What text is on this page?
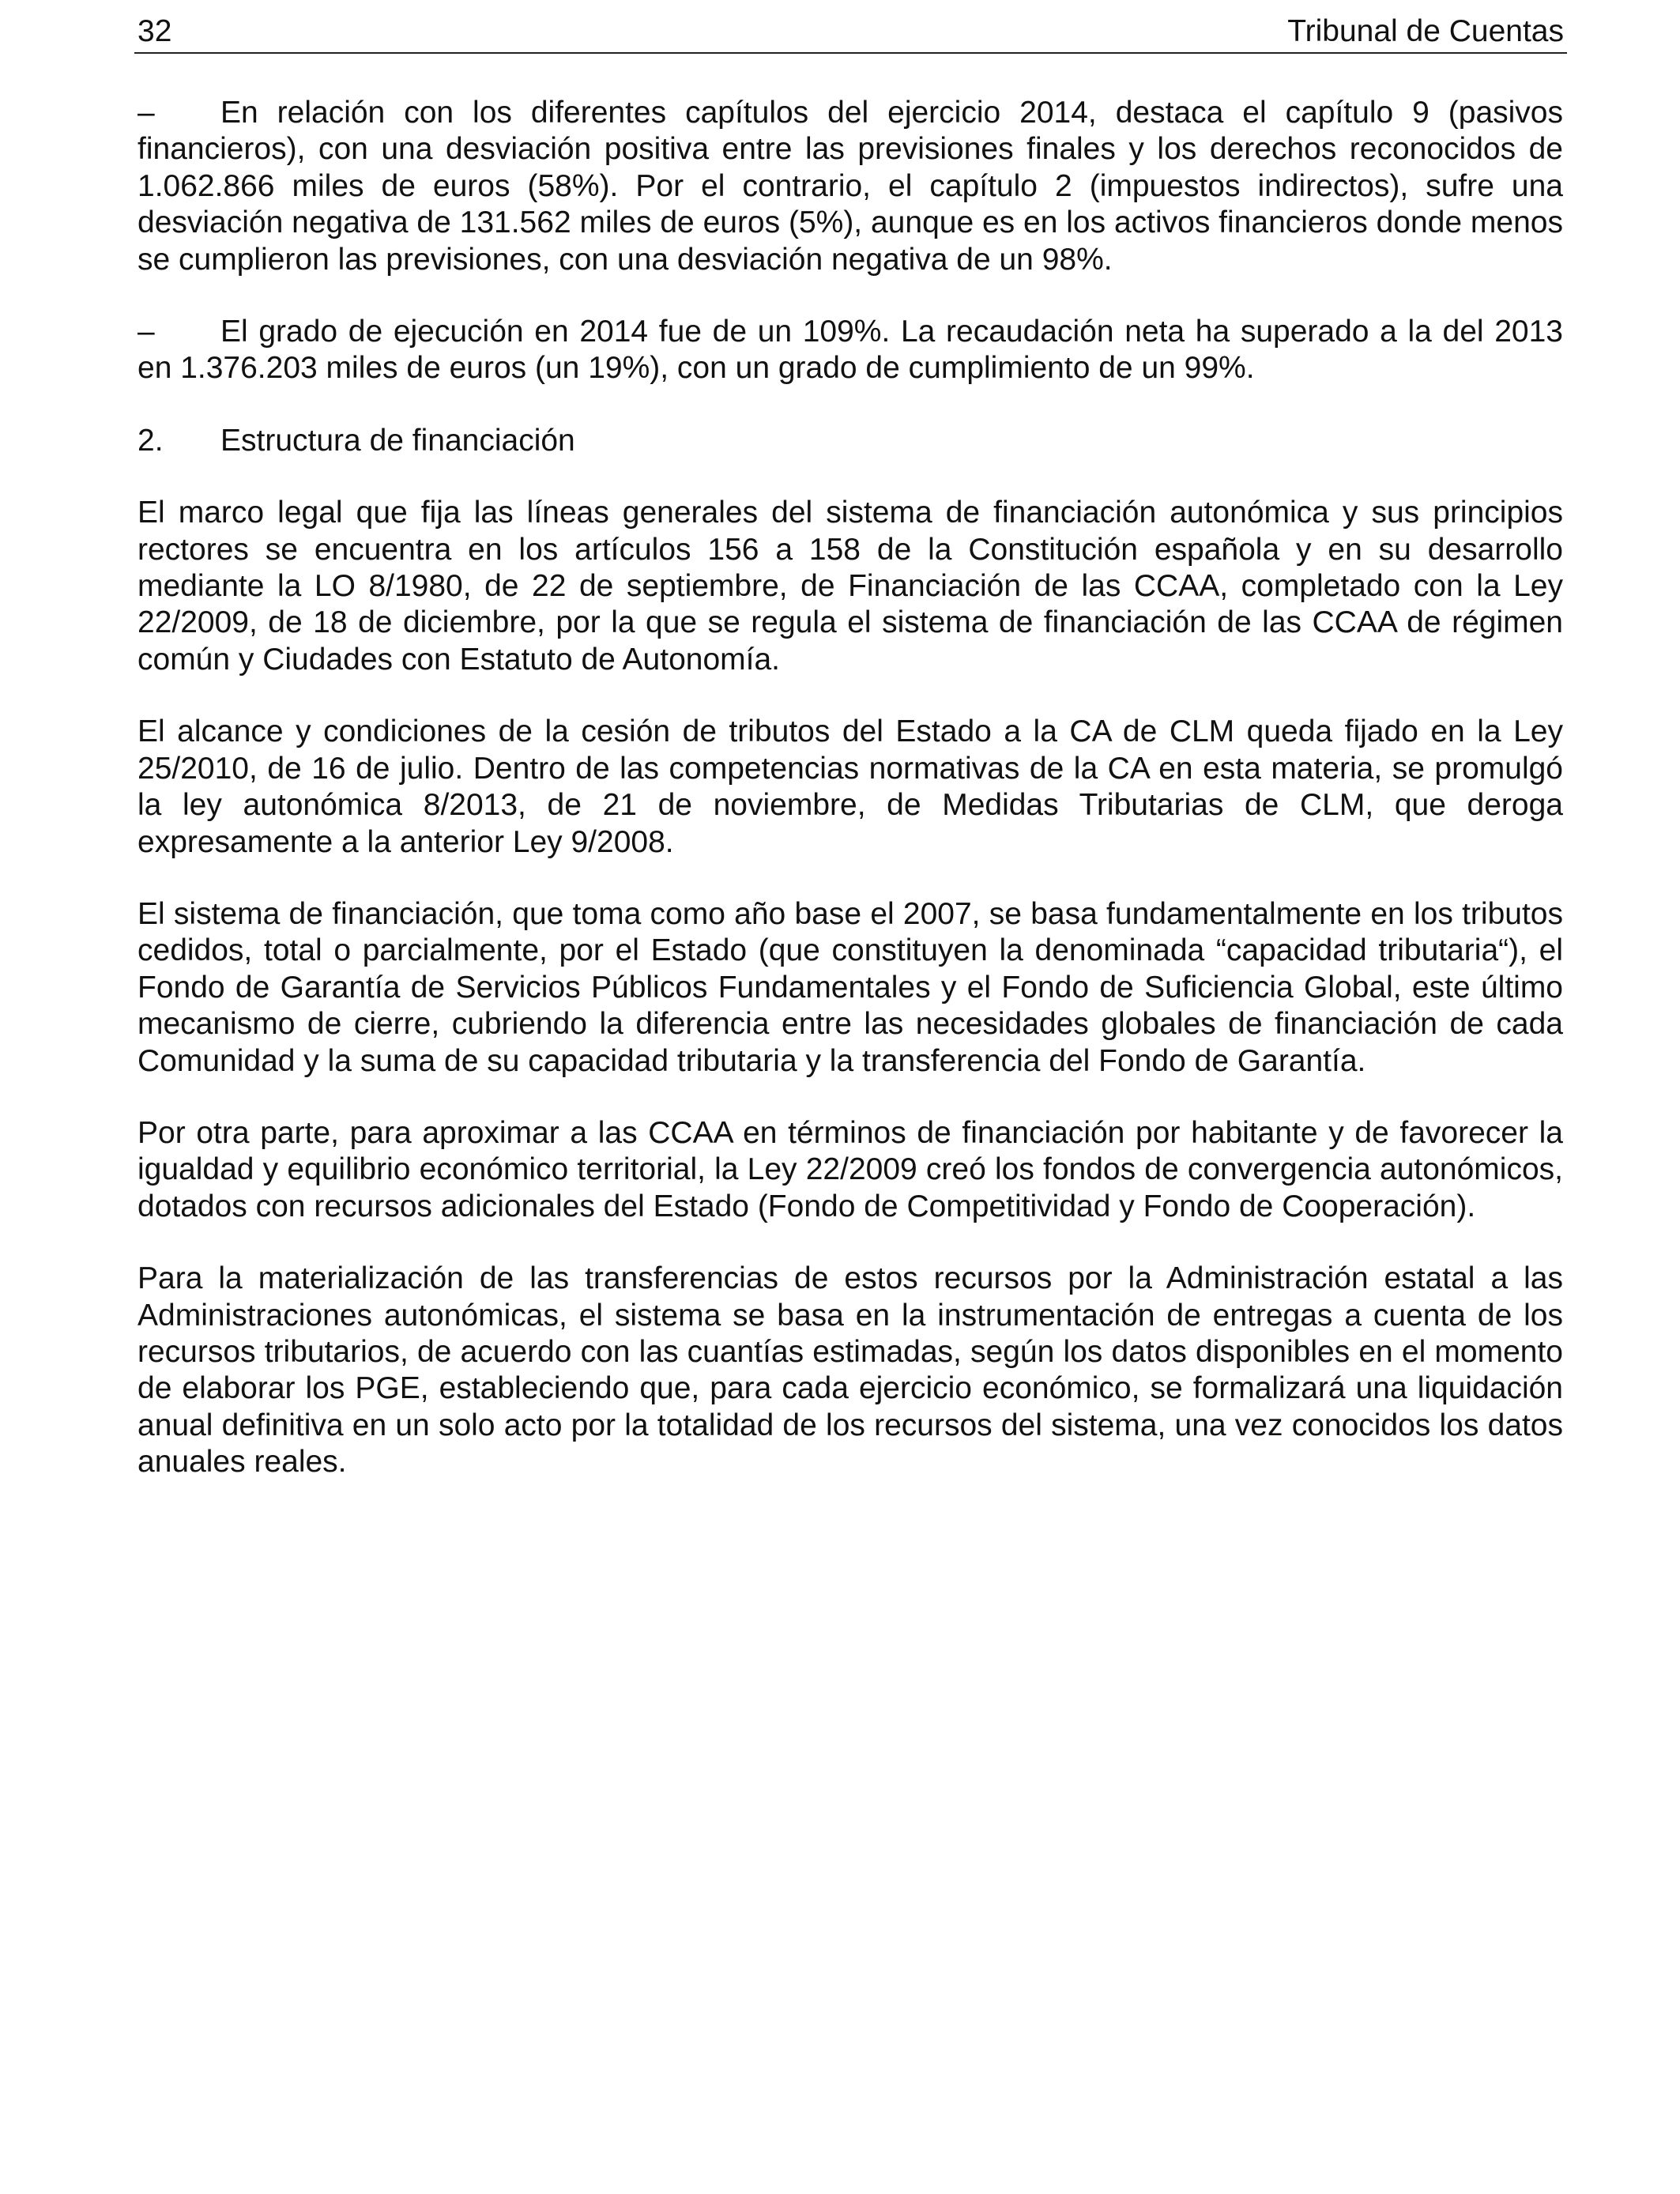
32	Tribunal de Cuentas

– En relación con los diferentes capítulos del ejercicio 2014, destaca el capítulo 9 (pasivos financieros), con una desviación positiva entre las previsiones finales y los derechos reconocidos de 1.062.866 miles de euros (58%). Por el contrario, el capítulo 2 (impuestos indirectos), sufre una desviación negativa de 131.562 miles de euros (5%), aunque es en los activos financieros donde menos se cumplieron las previsiones, con una desviación negativa de un 98%.

– El grado de ejecución en 2014 fue de un 109%. La recaudación neta ha superado a la del 2013 en 1.376.203 miles de euros (un 19%), con un grado de cumplimiento de un 99%.

2. Estructura de financiación

El marco legal que fija las líneas generales del sistema de financiación autonómica y sus principios rectores se encuentra en los artículos 156 a 158 de la Constitución española y en su desarrollo mediante la LO 8/1980, de 22 de septiembre, de Financiación de las CCAA, completado con la Ley 22/2009, de 18 de diciembre, por la que se regula el sistema de financiación de las CCAA de régimen común y Ciudades con Estatuto de Autonomía.

El alcance y condiciones de la cesión de tributos del Estado a la CA de CLM queda fijado en la Ley 25/2010, de 16 de julio. Dentro de las competencias normativas de la CA en esta materia, se promulgó la ley autonómica 8/2013, de 21 de noviembre, de Medidas Tributarias de CLM, que deroga expresamente a la anterior Ley 9/2008.

El sistema de financiación, que toma como año base el 2007, se basa fundamentalmente en los tributos cedidos, total o parcialmente, por el Estado (que constituyen la denominada “capacidad tributaria“), el Fondo de Garantía de Servicios Públicos Fundamentales y el Fondo de Suficiencia Global, este último mecanismo de cierre, cubriendo la diferencia entre las necesidades globales de financiación de cada Comunidad y la suma de su capacidad tributaria y la transferencia del Fondo de Garantía.

Por otra parte, para aproximar a las CCAA en términos de financiación por habitante y de favorecer la igualdad y equilibrio económico territorial, la Ley 22/2009 creó los fondos de convergencia autonómicos, dotados con recursos adicionales del Estado (Fondo de Competitividad y Fondo de Cooperación).

Para la materialización de las transferencias de estos recursos por la Administración estatal a las Administraciones autonómicas, el sistema se basa en la instrumentación de entregas a cuenta de los recursos tributarios, de acuerdo con las cuantías estimadas, según los datos disponibles en el momento de elaborar los PGE, estableciendo que, para cada ejercicio económico, se formalizará una liquidación anual definitiva en un solo acto por la totalidad de los recursos del sistema, una vez conocidos los datos anuales reales.
